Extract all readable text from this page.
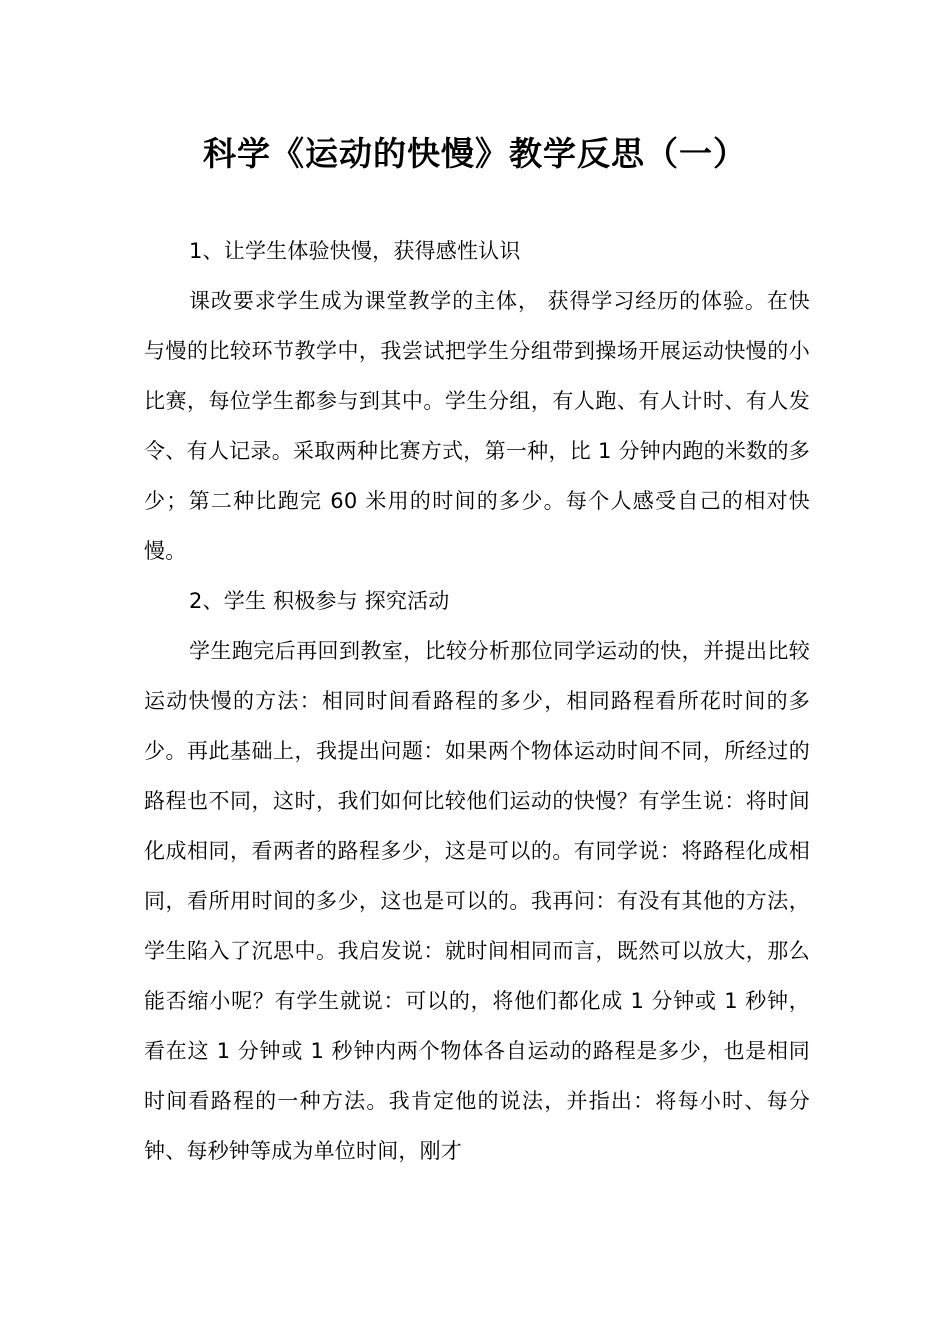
科学《运动的快慢》教学反思（一）

1、让学生体验快慢，获得感性认识

课改要求学生成为课堂教学的主体， 获得学习经历的体验。在快与慢的比较环节教学中，我尝试把学生分组带到操场开展运动快慢的小比赛，每位学生都参与到其中。学生分组，有人跑、有人计时、有人发令、有人记录。采取两种比赛方式，第一种，比 1 分钟内跑的米数的多少；第二种比跑完 60 米用的时间的多少。每个人感受自己的相对快慢。

2、学生 积极参与 探究活动

学生跑完后再回到教室，比较分析那位同学运动的快，并提出比较运动快慢的方法：相同时间看路程的多少，相同路程看所花时间的多少。再此基础上，我提出问题：如果两个物体运动时间不同，所经过的路程也不同，这时，我们如何比较他们运动的快慢？有学生说：将时间化成相同，看两者的路程多少，这是可以的。有同学说：将路程化成相同，看所用时间的多少，这也是可以的。我再问：有没有其他的方法，学生陷入了沉思中。我启发说：就时间相同而言，既然可以放大，那么能否缩小呢？有学生就说：可以的，将他们都化成 1 分钟或 1 秒钟，看在这 1 分钟或 1 秒钟内两个物体各自运动的路程是多少，也是相同时间看路程的一种方法。我肯定他的说法，并指出：将每小时、每分钟、每秒钟等成为单位时间，刚才
